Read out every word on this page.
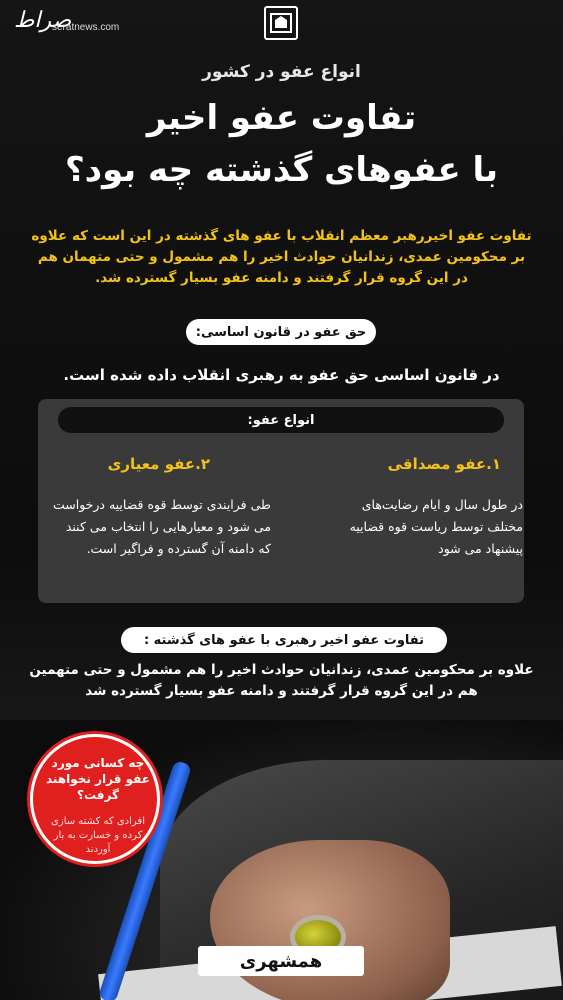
صراط
seratnews.com
انواع عفو در کشور
تفاوت عفو اخیر
با عفوهای گذشته چه بود؟
تفاوت عفو اخیررهبر معظم انقلاب با عفو های گذشته در این است که علاوه بر محکومین عمدی، زندانیان حوادث اخیر را هم مشمول و حتی متهمان هم در این گروه قرار گرفتند و دامنه عفو بسیار گسترده شد.
حق عفو در قانون اساسی:
در قانون اساسی حق عفو به رهبری انقلاب داده شده است.
انواع عفو:
۱.عفو مصداقی
در طول سال و ایام رضایت‌های مختلف توسط ریاست قوه قضاییه پیشنهاد می شود
۲.عفو معیاری
طی فرایندی توسط قوه قضاییه درخواست می شود و معیارهایی را انتخاب می کنند که دامنه آن گسترده و فراگیر است.
تفاوت عفو اخیر رهبری با عفو های گذشته :
علاوه بر محکومین عمدی، زندانیان حوادث اخیر را هم مشمول و حتی متهمین هم در این گروه قرار گرفتند و دامنه عفو بسیار گسترده شد
چه کسانی مورد عفو قرار نخواهند گرفت؟
افرادی که کشته سازی کرده و خسارت به بار آوردند
همشهری
